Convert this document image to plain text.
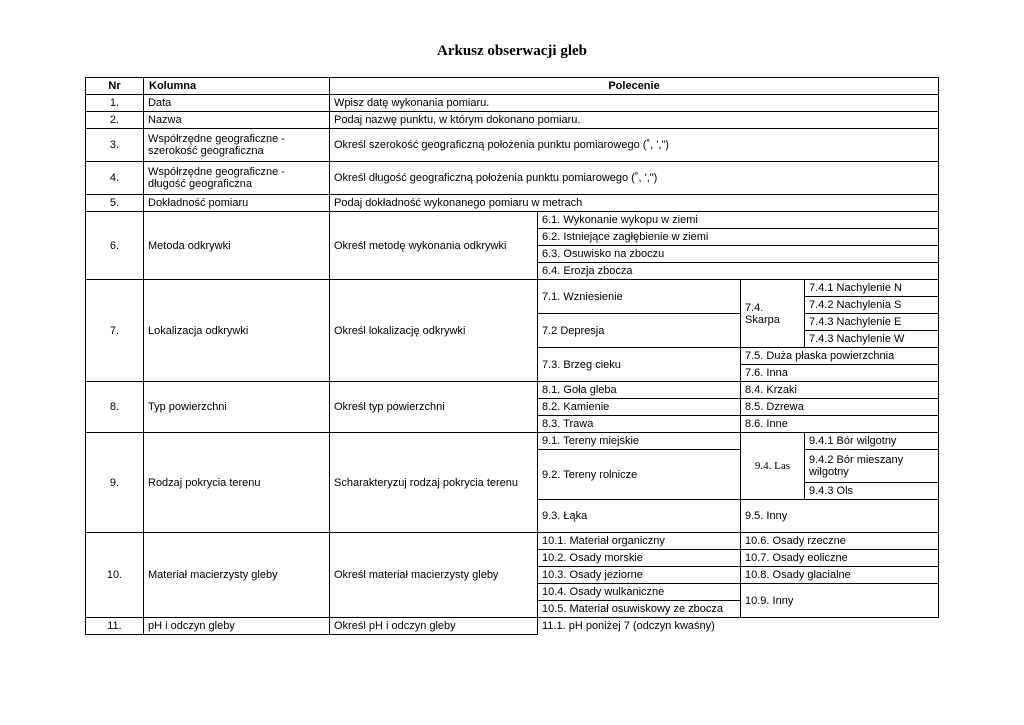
Arkusz obserwacji gleb
Nr	Kolumna	Polecenie			
1.	Data	Wpisz datę wykonania pomiaru.			
2.	Nazwa	Podaj nazwę punktu, w którym dokonano pomiaru.			
3.	Współrzędne geograficzne - szerokość geograficzna	Określ szerokość geograficzną położenia punktu pomiarowego (˚, ',")			
4.	Współrzędne geograficzne - długość geograficzna	Określ długość geograficzną położenia punktu pomiarowego (˚, ',")			
5.	Dokładność pomiaru	Podaj dokładność wykonanego pomiaru w metrach			
6.	Metoda odkrywki	Określ metodę wykonania odkrywki	6.1. Wykonanie wykopu w ziemi		
			6.2. Istniejące zagłębienie w ziemi		
			6.3. Osuwisko na zboczu		
			6.4. Erozja zbocza		
7.	Lokalizacja odkrywki	Określ lokalizację odkrywki	7.1. Wzniesienie	7.4. Skarpa	7.4.1 Nachylenie N
					7.4.2 Nachylenia S
			7.2 Depresja		7.4.3 Nachylenie E
					7.4.3 Nachylenie W
			7.3. Brzeg cieku	7.5. Duża płaska powierzchnia	
				7.6. Inna	
8.	Typ powierzchni	Określ typ powierzchni	8.1. Goła gleba	8.4. Krzaki	
			8.2. Kamienie	8.5. Dzrewa	
			8.3. Trawa	8.6. Inne	
9.	Rodzaj pokrycia terenu	Scharakteryzuj rodzaj pokrycia terenu	9.1. Tereny miejskie	9.4. Las	9.4.1 Bór wilgotny
			9.2. Tereny rolnicze		9.4.2 Bór mieszany wilgotny
					9.4.3 Ols
			9.3. Łąka	9.5. Inny	
10.	Materiał macierzysty gleby	Określ materiał macierzysty gleby	10.1. Materiał organiczny	10.6. Osady rzeczne	
			10.2. Osady morskie	10.7. Osady eoliczne	
			10.3. Osady jeziorne	10.8. Osady glacialne	
			10.4. Osady wulkaniczne	10.9. Inny	
			10.5. Materiał osuwiskowy ze zbocza		
11.	pH i odczyn gleby	Określ pH i odczyn gleby	11.1. pH poniżej 7 (odczyn kwaśny)		
